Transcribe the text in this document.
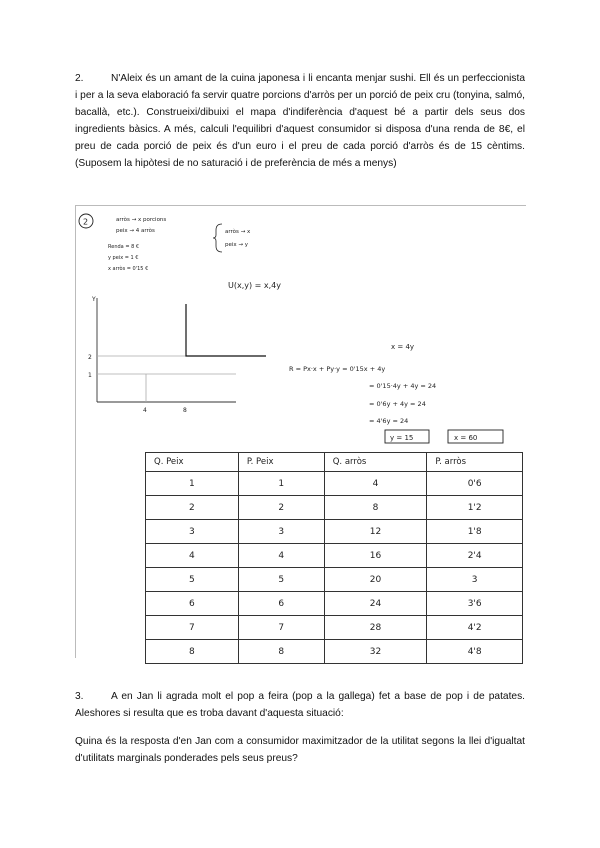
2.	N'Aleix és un amant de la cuina japonesa i li encanta menjar sushi. Ell és un perfeccionista i per a la seva elaboració fa servir quatre porcions d'arròs per un porció de peix cru (tonyina, salmó, bacallà, etc.). Construeixi/dibuixi el mapa d'indiferència d'aquest bé a partir dels seus dos ingredients bàsics. A més, calculi l'equilibri d'aquest consumidor si disposa d'una renda de 8€, el preu de cada porció de peix és d'un euro i el preu de cada porció d'arròs és de 15 cèntims. (Suposem la hipòtesi de no saturació i de preferència de més a menys)
2	arròs → x porcions
peix → 4 arròs
Renda = 8 €
y peix = 1 €
x arròs = 0'15 €
arròs → x
peix → y
U(x,y) = x,4y
Y
2
1
4	8
x = 4y
R = Px·x + Py·y = 0'15x + 4y
= 0'15·4y + 4y = 24
= 0'6y + 4y = 24
= 4'6y = 24
y = 15	x = 60
Q. Peix	P. Peix	Q. arròs	P. arròs
1	1	4	0'6
2	2	8	1'2
3	3	12	1'8
4	4	16	2'4
5	5	20	3
6	6	24	3'6
7	7	28	4'2
8	8	32	4'8
3.	A en Jan li agrada molt el pop a feira (pop a la gallega) fet a base de pop i de patates. Aleshores si resulta que es troba davant d'aquesta situació:
Quina és la resposta d'en Jan com a consumidor maximitzador de la utilitat segons la llei d'igualtat d'utilitats marginals ponderades pels seus preus?
